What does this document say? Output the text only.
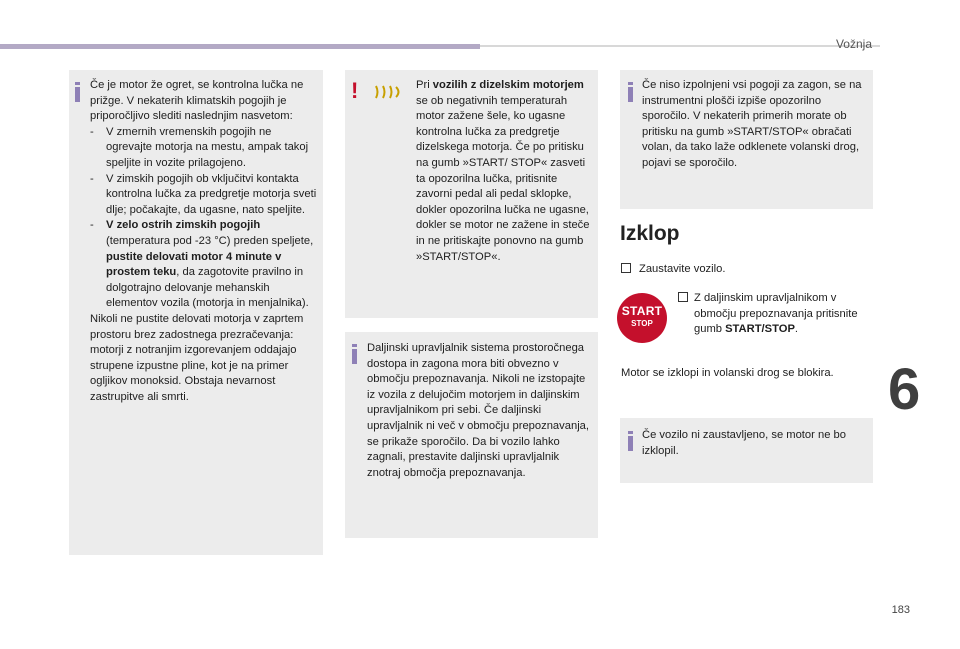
Vožnja
Če je motor že ogret, se kontrolna lučka ne prižge. V nekaterih klimatskih pogojih je priporočljivo slediti naslednjim nasvetom:
-	V zmernih vremenskih pogojih ne ogrevajte motorja na mestu, ampak takoj speljite in vozite prilagojeno.
-	V zimskih pogojih ob vključitvi kontakta kontrolna lučka za predgretje motorja sveti dlje; počakajte, da ugasne, nato speljite.
-	V zelo ostrih zimskih pogojih
(temperatura pod -23 °C) preden speljete, pustite delovati motor 4 minute v prostem teku, da zagotovite pravilno in dolgotrajno delovanje mehanskih elementov vozila (motorja in menjalnika).
Nikoli ne pustite delovati motorja v zaprtem prostoru brez zadostnega prezračevanja: motorji z notranjim izgorevanjem oddajajo strupene izpustne pline, kot je na primer ogljikov monoksid. Obstaja nevarnost zastrupitve ali smrti.
!	Pri vozilih z dizelskim motorjem se ob negativnih temperaturah motor zažene šele, ko ugasne kontrolna lučka za predgretje dizelskega motorja. Če po pritisku na gumb »START/ STOP« zasveti ta opozorilna lučka, pritisnite zavorni pedal ali pedal sklopke, dokler opozorilna lučka ne ugasne, dokler se motor ne zažene in steče in ne pritiskajte ponovno na gumb »START/STOP«.
Daljinski upravljalnik sistema prostoročnega dostopa in zagona mora biti obvezno v območju prepoznavanja. Nikoli ne izstopajte iz vozila z delujočim motorjem in daljinskim upravljalnikom pri sebi. Če daljinski upravljalnik ni več v območju prepoznavanja, se prikaže sporočilo. Da bi vozilo lahko zagnali, prestavite daljinski upravljalnik znotraj območja prepoznavanja.
Če niso izpolnjeni vsi pogoji za zagon, se na instrumentni plošči izpiše opozorilno sporočilo. V nekaterih primerih morate ob pritisku na gumb »START/STOP« obračati volan, da tako laže odklenete volanski drog, pojavi se sporočilo.
Izklop
Zaustavite vozilo.
START
STOP
Z daljinskim upravljalnikom v območju prepoznavanja pritisnite gumb START/STOP.
Motor se izklopi in volanski drog se blokira.
Če vozilo ni zaustavljeno, se motor ne bo izklopil.
6
183
